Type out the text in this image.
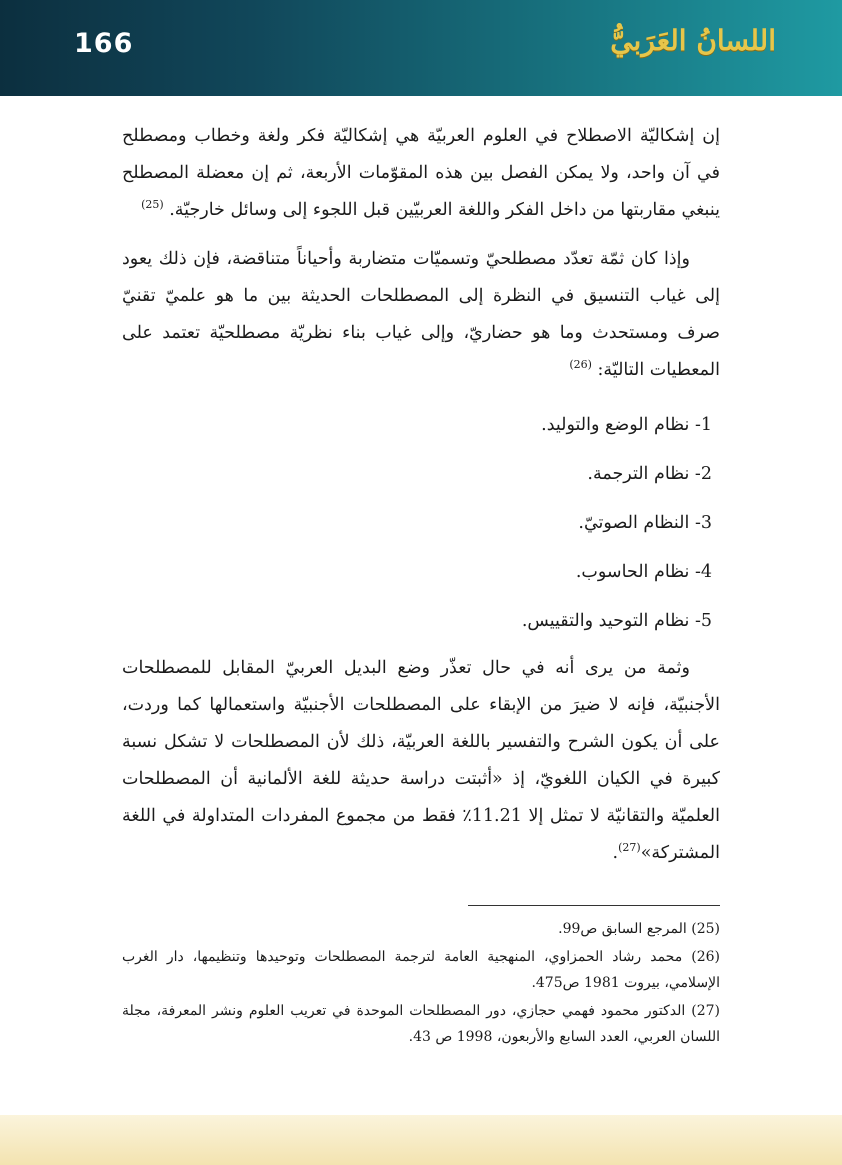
166	اللسانُ العَرَبيُّ

إن إشكاليّة الاصطلاح في العلوم العربيّة هي إشكاليّة فكر ولغة وخطاب ومصطلح في آن واحد، ولا يمكن الفصل بين هذه المقوّمات الأربعة، ثم إن معضلة المصطلح ينبغي مقاربتها من داخل الفكر واللغة العربيّين قبل اللجوء إلى وسائل خارجيّة. $^{(25)}$

وإذا كان ثمّة تعدّد مصطلحيّ وتسميّات متضاربة وأحياناً متناقضة، فإن ذلك يعود إلى غياب التنسيق في النظرة إلى المصطلحات الحديثة بين ما هو علميّ تقنيّ صرف ومستحدث وما هو حضاريّ، وإلى غياب بناء نظريّة مصطلحيّة تعتمد على المعطيات التاليّة: $^{(26)}$

1- نظام الوضع والتوليد.
2- نظام الترجمة.
3- النظام الصوتيّ.
4- نظام الحاسوب.
5- نظام التوحيد والتقييس.

وثمة من يرى أنه في حال تعذّر وضع البديل العربيّ المقابل للمصطلحات الأجنبيّة، فإنه لا ضيرَ من الإبقاء على المصطلحات الأجنبيّة واستعمالها كما وردت، على أن يكون الشرح والتفسير باللغة العربيّة، ذلك لأن المصطلحات لا تشكل نسبة كبيرة في الكيان اللغويّ، إذ «أثبتت دراسة حديثة للغة الألمانية أن المصطلحات العلميّة والتقانيّة لا تمثل إلا 11.21٪ فقط من مجموع المفردات المتداولة في اللغة المشتركة»$^{(27)}$.

(25) المرجع السابق ص99.

(26) محمد رشاد الحمزاوي، المنهجية العامة لترجمة المصطلحات وتوحيدها وتنظيمها، دار الغرب الإسلامي، بيروت 1981 ص475.

(27) الدكتور محمود فهمي حجازي، دور المصطلحات الموحدة في تعريب العلوم ونشر المعرفة، مجلة اللسان العربي، العدد السابع والأربعون، 1998 ص 43.
